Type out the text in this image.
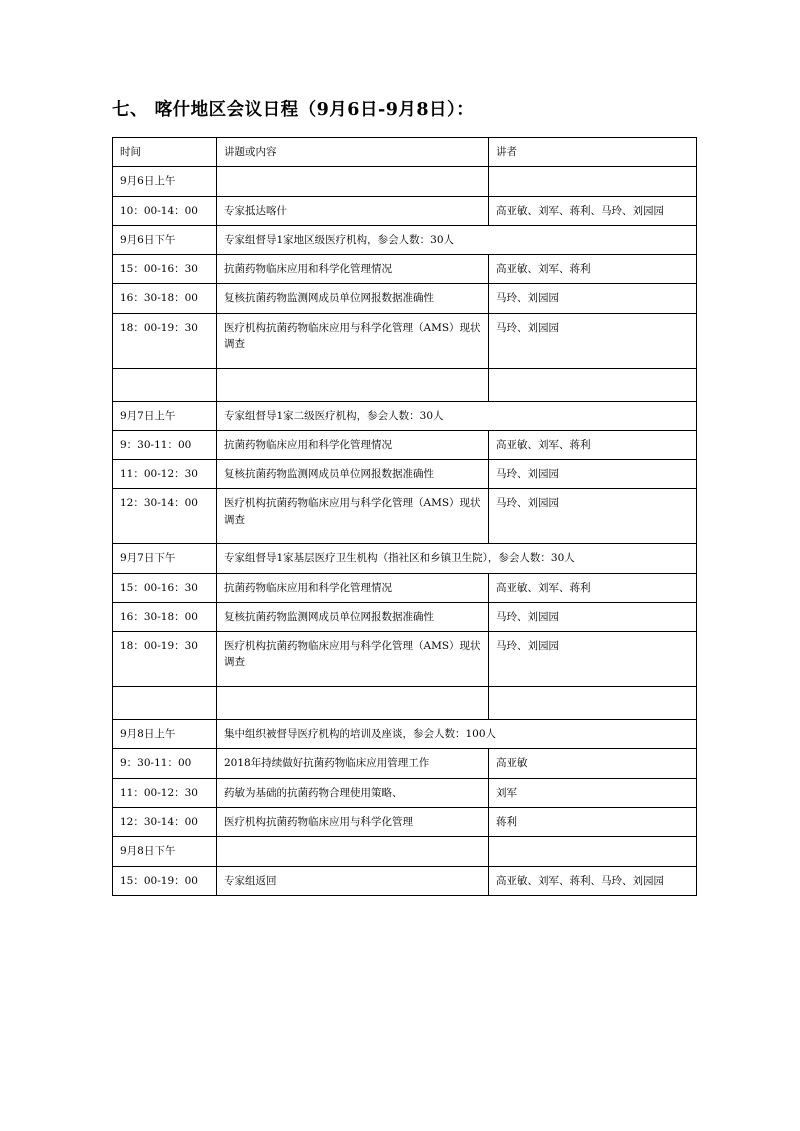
七、 喀什地区会议日程（9月6日-9月8日）：
时间	讲题或内容	讲者
9月6日上午		
10：00-14：00	专家抵达喀什	高亚敏、刘军、蒋利、马玲、刘园园
9月6日下午	专家组督导1家地区级医疗机构，参会人数：30人	
15：00-16：30	抗菌药物临床应用和科学化管理情况	高亚敏、刘军、蒋利
16：30-18：00	复核抗菌药物监测网成员单位网报数据准确性	马玲、刘园园
18：00-19：30	医疗机构抗菌药物临床应用与科学化管理（AMS）现状调查	马玲、刘园园

9月7日上午	专家组督导1家二级医疗机构，参会人数：30人	
9：30-11：00	抗菌药物临床应用和科学化管理情况	高亚敏、刘军、蒋利
11：00-12：30	复核抗菌药物监测网成员单位网报数据准确性	马玲、刘园园
12：30-14：00	医疗机构抗菌药物临床应用与科学化管理（AMS）现状调查	马玲、刘园园
9月7日下午	专家组督导1家基层医疗卫生机构（指社区和乡镇卫生院），参会人数：30人	
15：00-16：30	抗菌药物临床应用和科学化管理情况	高亚敏、刘军、蒋利
16：30-18：00	复核抗菌药物监测网成员单位网报数据准确性	马玲、刘园园
18：00-19：30	医疗机构抗菌药物临床应用与科学化管理（AMS）现状调查	马玲、刘园园

9月8日上午	集中组织被督导医疗机构的培训及座谈，参会人数：100人	
9：30-11：00	2018年持续做好抗菌药物临床应用管理工作	高亚敏
11：00-12：30	药敏为基础的抗菌药物合理使用策略、	刘军
12：30-14：00	医疗机构抗菌药物临床应用与科学化管理	蒋利
9月8日下午		
15：00-19：00	专家组返回	高亚敏、刘军、蒋利、马玲、刘园园
